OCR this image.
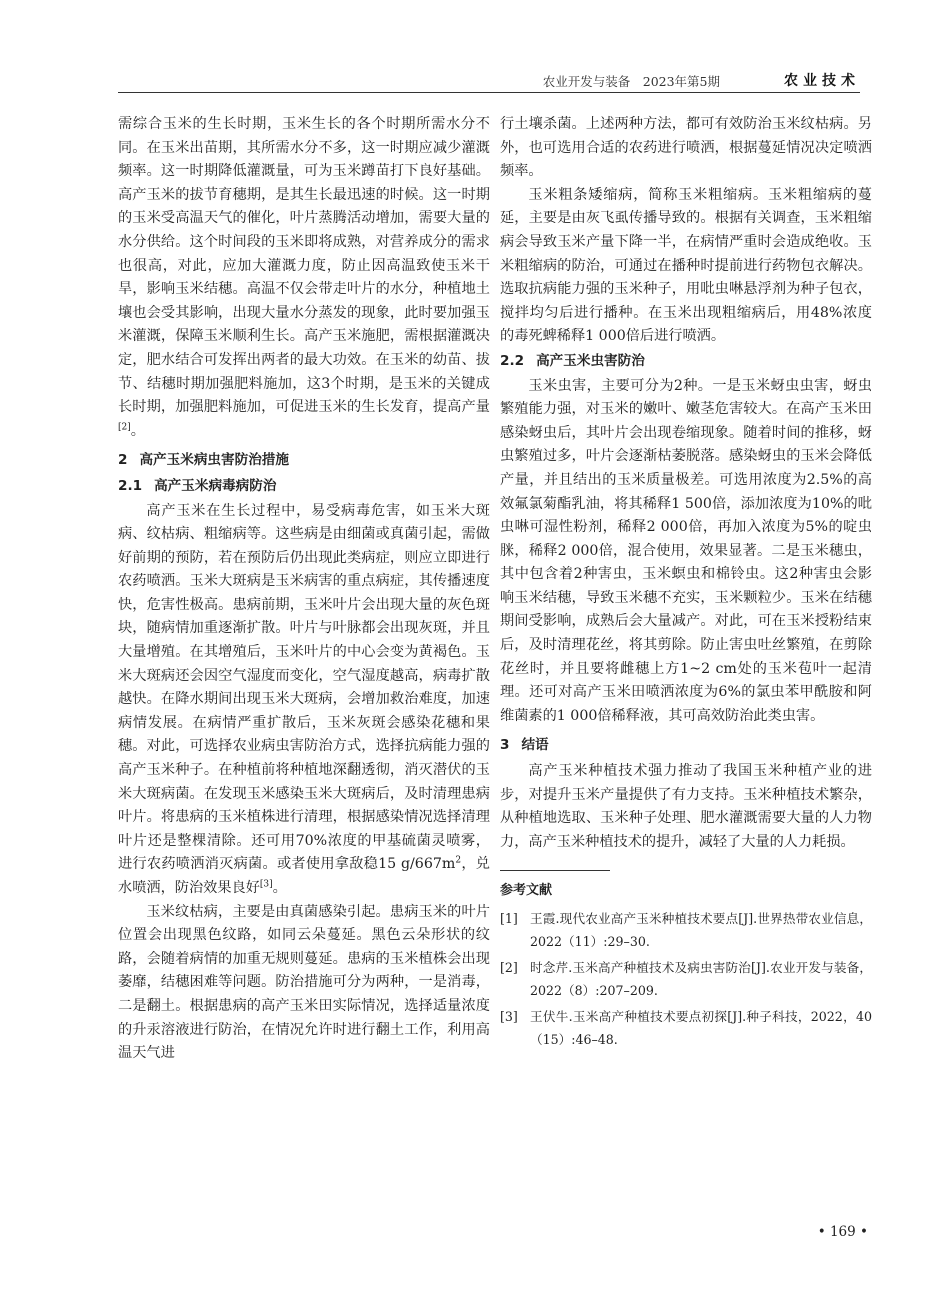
农业开发与装备　2023年第5期	农业技术

需综合玉米的生长时期，玉米生长的各个时期所需水分不同。在玉米出苗期，其所需水分不多，这一时期应减少灌溉频率。这一时期降低灌溉量，可为玉米蹲苗打下良好基础。高产玉米的拔节育穗期，是其生长最迅速的时候。这一时期的玉米受高温天气的催化，叶片蒸腾活动增加，需要大量的水分供给。这个时间段的玉米即将成熟，对营养成分的需求也很高，对此，应加大灌溉力度，防止因高温致使玉米干旱，影响玉米结穗。高温不仅会带走叶片的水分，种植地土壤也会受其影响，出现大量水分蒸发的现象，此时要加强玉米灌溉，保障玉米顺利生长。高产玉米施肥，需根据灌溉决定，肥水结合可发挥出两者的最大功效。在玉米的幼苗、拔节、结穗时期加强肥料施加，这3个时期，是玉米的关键成长时期，加强肥料施加，可促进玉米的生长发育，提高产量[2]。

2 高产玉米病虫害防治措施
2.1 高产玉米病毒病防治

高产玉米在生长过程中，易受病毒危害，如玉米大斑病、纹枯病、粗缩病等。这些病是由细菌或真菌引起，需做好前期的预防，若在预防后仍出现此类病症，则应立即进行农药喷洒。玉米大斑病是玉米病害的重点病症，其传播速度快，危害性极高。患病前期，玉米叶片会出现大量的灰色斑块，随病情加重逐渐扩散。叶片与叶脉都会出现灰斑，并且大量增殖。在其增殖后，玉米叶片的中心会变为黄褐色。玉米大斑病还会因空气湿度而变化，空气湿度越高，病毒扩散越快。在降水期间出现玉米大斑病，会增加救治难度，加速病情发展。在病情严重扩散后，玉米灰斑会感染花穗和果穗。对此，可选择农业病虫害防治方式，选择抗病能力强的高产玉米种子。在种植前将种植地深翻透彻，消灭潜伏的玉米大斑病菌。在发现玉米感染玉米大斑病后，及时清理患病叶片。将患病的玉米植株进行清理，根据感染情况选择清理叶片还是整棵清除。还可用70%浓度的甲基硫菌灵喷雾，进行农药喷洒消灭病菌。或者使用拿敌稳15 $g/667m^2$，兑水喷洒，防治效果良好[3]。

玉米纹枯病，主要是由真菌感染引起。患病玉米的叶片位置会出现黑色纹路，如同云朵蔓延。黑色云朵形状的纹路，会随着病情的加重无规则蔓延。患病的玉米植株会出现萎靡，结穗困难等问题。防治措施可分为两种，一是消毒，二是翻土。根据患病的高产玉米田实际情况，选择适量浓度的升汞溶液进行防治，在情况允许时进行翻土工作，利用高温天气进

行土壤杀菌。上述两种方法，都可有效防治玉米纹枯病。另外，也可选用合适的农药进行喷洒，根据蔓延情况决定喷洒频率。

玉米粗条矮缩病，简称玉米粗缩病。玉米粗缩病的蔓延，主要是由灰飞虱传播导致的。根据有关调查，玉米粗缩病会导致玉米产量下降一半，在病情严重时会造成绝收。玉米粗缩病的防治，可通过在播种时提前进行药物包衣解决。选取抗病能力强的玉米种子，用吡虫啉悬浮剂为种子包衣，搅拌均匀后进行播种。在玉米出现粗缩病后，用48%浓度的毒死蜱稀释1 000倍后进行喷洒。

2.2 高产玉米虫害防治

玉米虫害，主要可分为2种。一是玉米蚜虫虫害，蚜虫繁殖能力强，对玉米的嫩叶、嫩茎危害较大。在高产玉米田感染蚜虫后，其叶片会出现卷缩现象。随着时间的推移，蚜虫繁殖过多，叶片会逐渐枯萎脱落。感染蚜虫的玉米会降低产量，并且结出的玉米质量极差。可选用浓度为2.5%的高效氟氯菊酯乳油，将其稀释1 500倍，添加浓度为10%的吡虫啉可湿性粉剂，稀释2 000倍，再加入浓度为5%的啶虫脒，稀释2 000倍，混合使用，效果显著。二是玉米穗虫，其中包含着2种害虫，玉米螟虫和棉铃虫。这2种害虫会影响玉米结穗，导致玉米穗不充实，玉米颗粒少。玉米在结穗期间受影响，成熟后会大量减产。对此，可在玉米授粉结束后，及时清理花丝，将其剪除。防止害虫吐丝繁殖，在剪除花丝时，并且要将雌穗上方1~2 cm处的玉米苞叶一起清理。还可对高产玉米田喷洒浓度为6%的氯虫苯甲酰胺和阿维菌素的1 000倍稀释液，其可高效防治此类虫害。

3 结语

高产玉米种植技术强力推动了我国玉米种植产业的进步，对提升玉米产量提供了有力支持。玉米种植技术繁杂，从种植地选取、玉米种子处理、肥水灌溉需要大量的人力物力，高产玉米种植技术的提升，减轻了大量的人力耗损。

参考文献
[1] 王霞.现代农业高产玉米种植技术要点[J].世界热带农业信息，2022（11）:29–30.
[2] 时念芹.玉米高产种植技术及病虫害防治[J].农业开发与装备，2022（8）:207–209.
[3] 王伏牛.玉米高产种植技术要点初探[J].种子科技，2022，40（15）:46–48.
• 169 •
